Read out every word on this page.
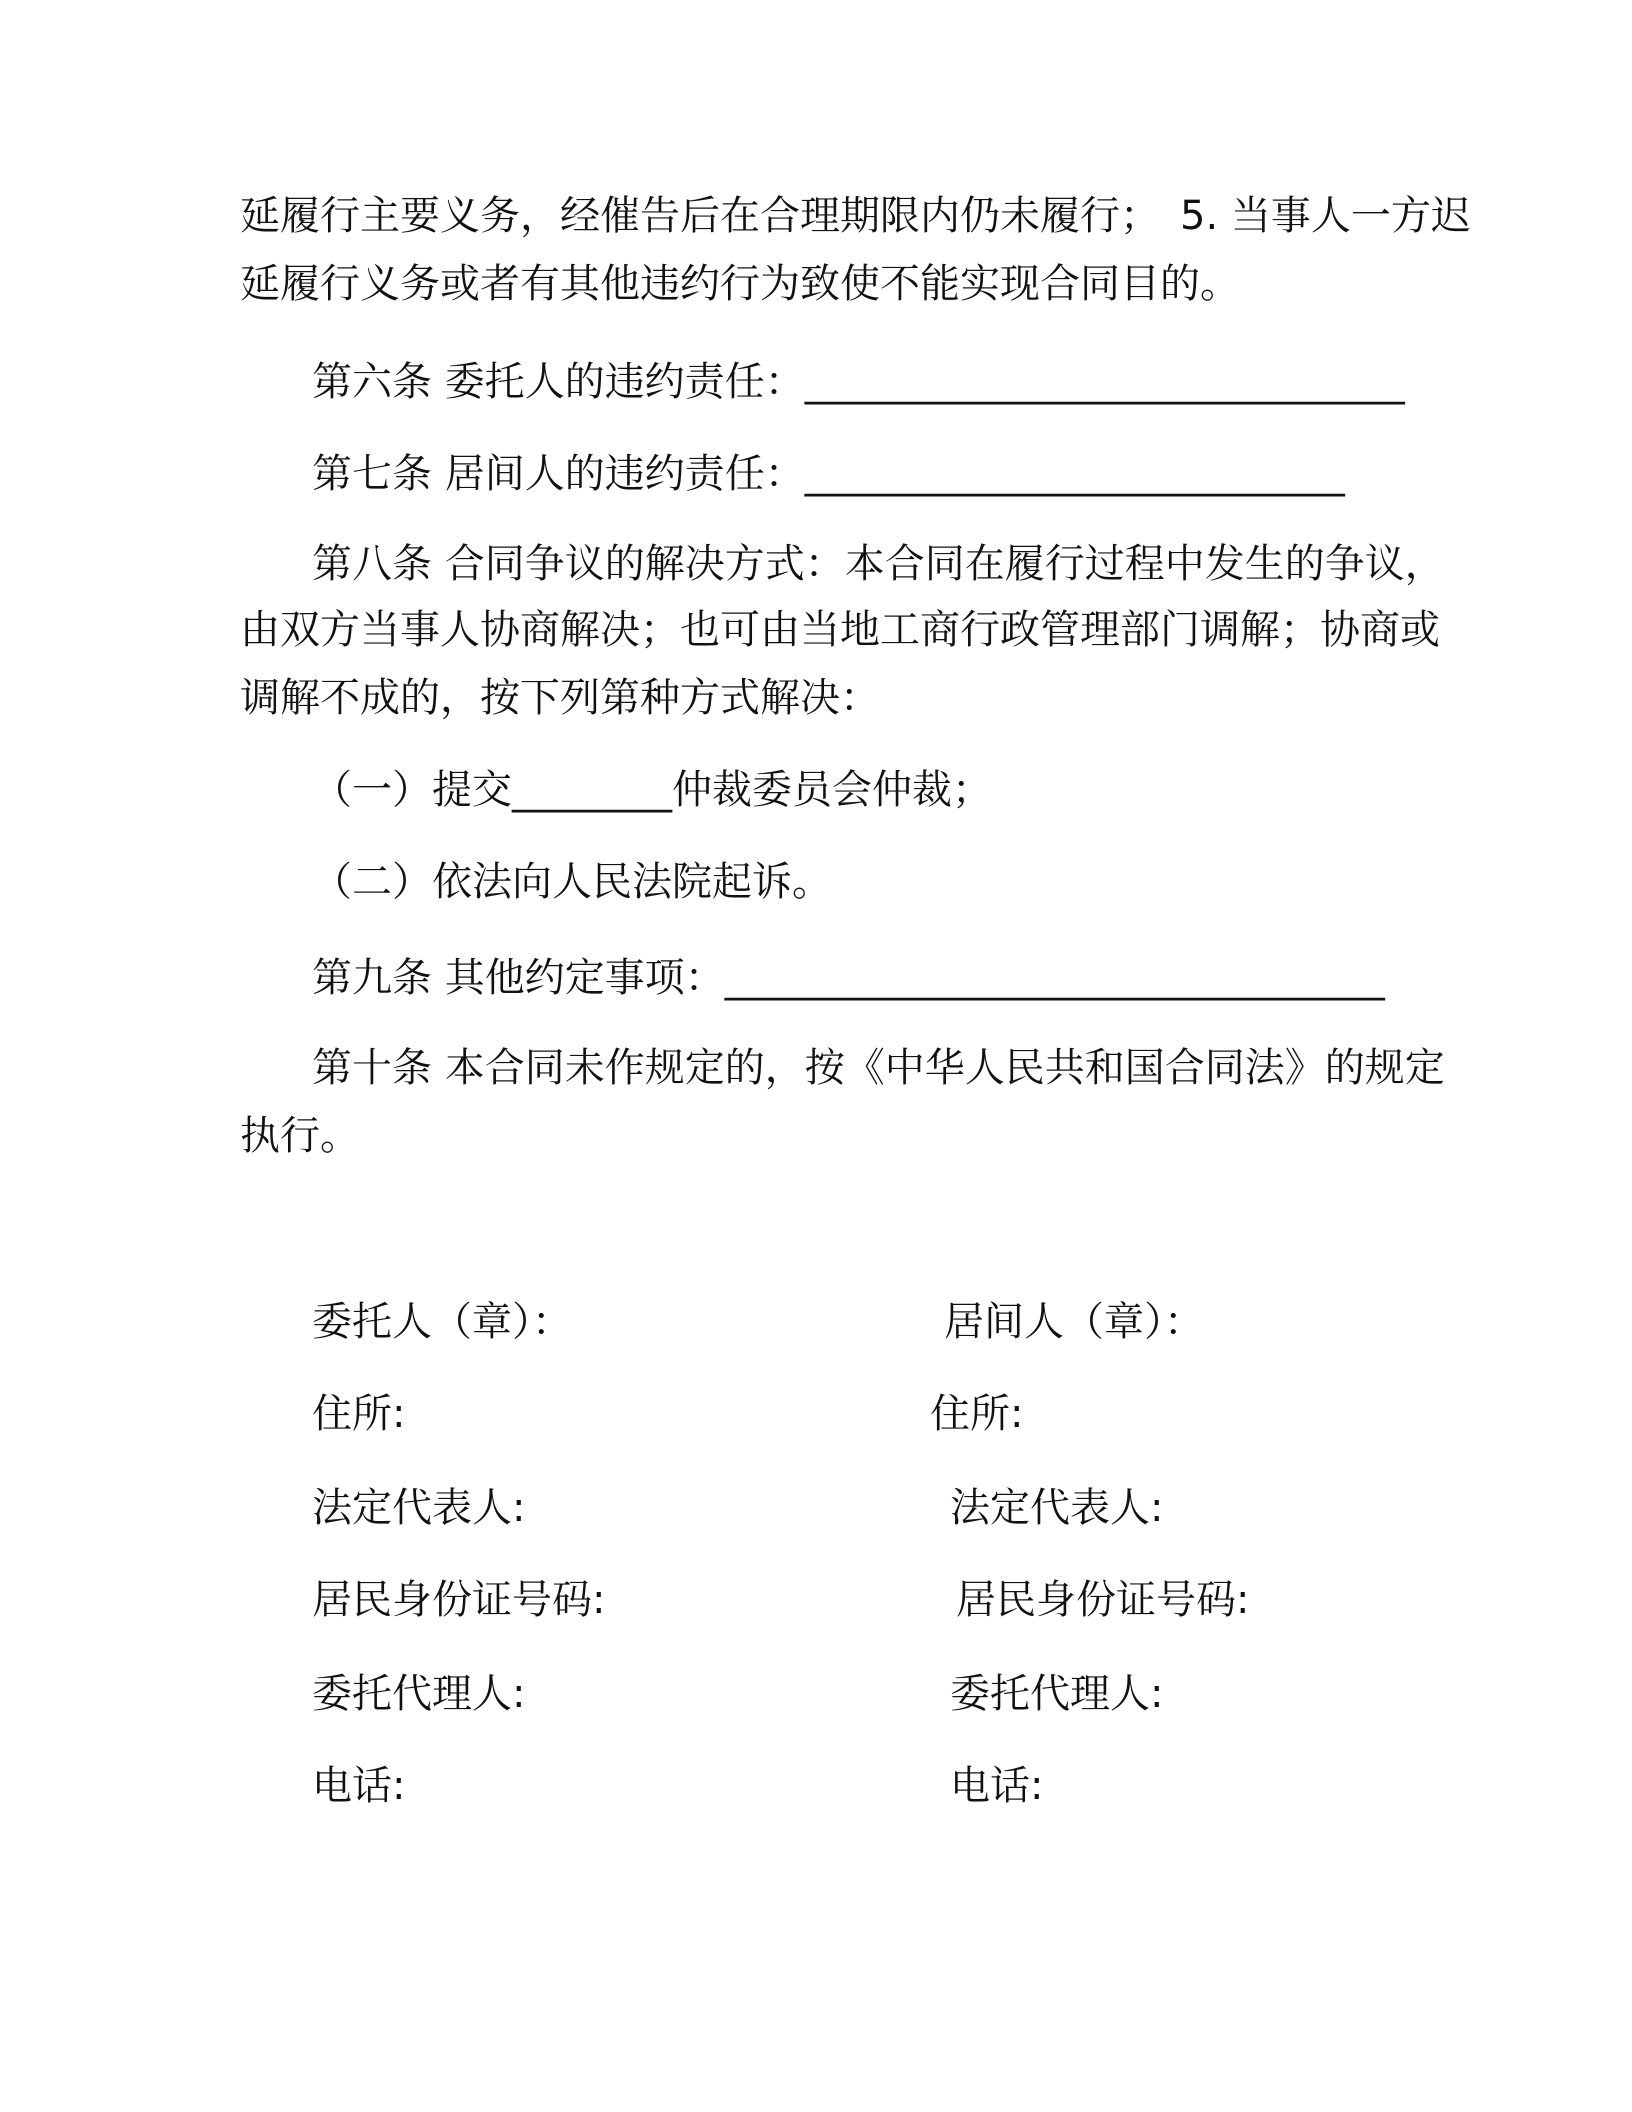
延履行主要义务，经催告后在合理期限内仍未履行；　5. 当事人一方迟
延履行义务或者有其他违约行为致使不能实现合同目的。
第六条 委托人的违约责任：______________________________
第七条 居间人的违约责任：___________________________
第八条 合同争议的解决方式：本合同在履行过程中发生的争议，
由双方当事人协商解决；也可由当地工商行政管理部门调解；协商或
调解不成的，按下列第种方式解决：
（一）提交________仲裁委员会仲裁；
（二）依法向人民法院起诉。
第九条 其他约定事项：_________________________________
第十条 本合同未作规定的，按《中华人民共和国合同法》的规定
执行。
委托人（章）：
住所:
法定代表人:
居民身份证号码:
委托代理人:
电话:
居间人（章）：
住所:
法定代表人:
居民身份证号码:
委托代理人:
电话:
